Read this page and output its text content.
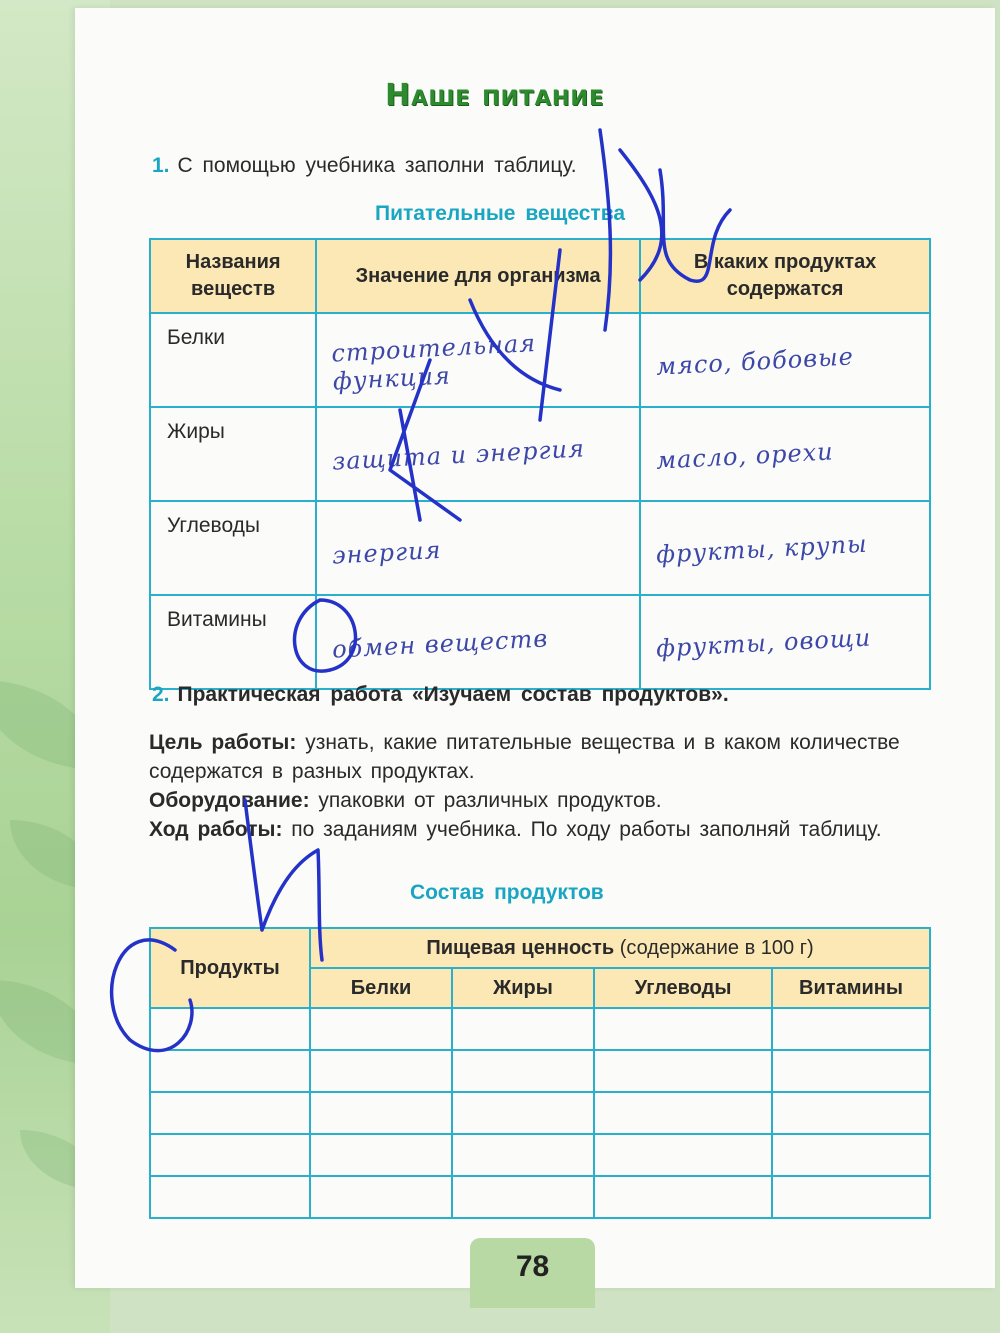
Наше питание
1. С помощью учебника заполни таблицу.
Питательные вещества
Названия веществ	Значение для организма	В каких продуктах содержатся
Белки	строительная функция	мясо, бобовые

Жиры	защита и энергия	масло, орехи

Углеводы	энергия	фрукты, крупы

Витамины	обмен веществ	фрукты, овощи
2. Практическая работа «Изучаем состав продуктов».

Цель работы: узнать, какие питательные вещества и в каком количестве содержатся в разных продуктах.

Оборудование: упаковки от различных продуктов.

Ход работы: по заданиям учебника. По ходу работы заполняй таблицу.

Состав продуктов
Продукты	Пищевая ценность (содержание в 100 г)			
	Белки	Жиры	Углеводы	Витамины

78
